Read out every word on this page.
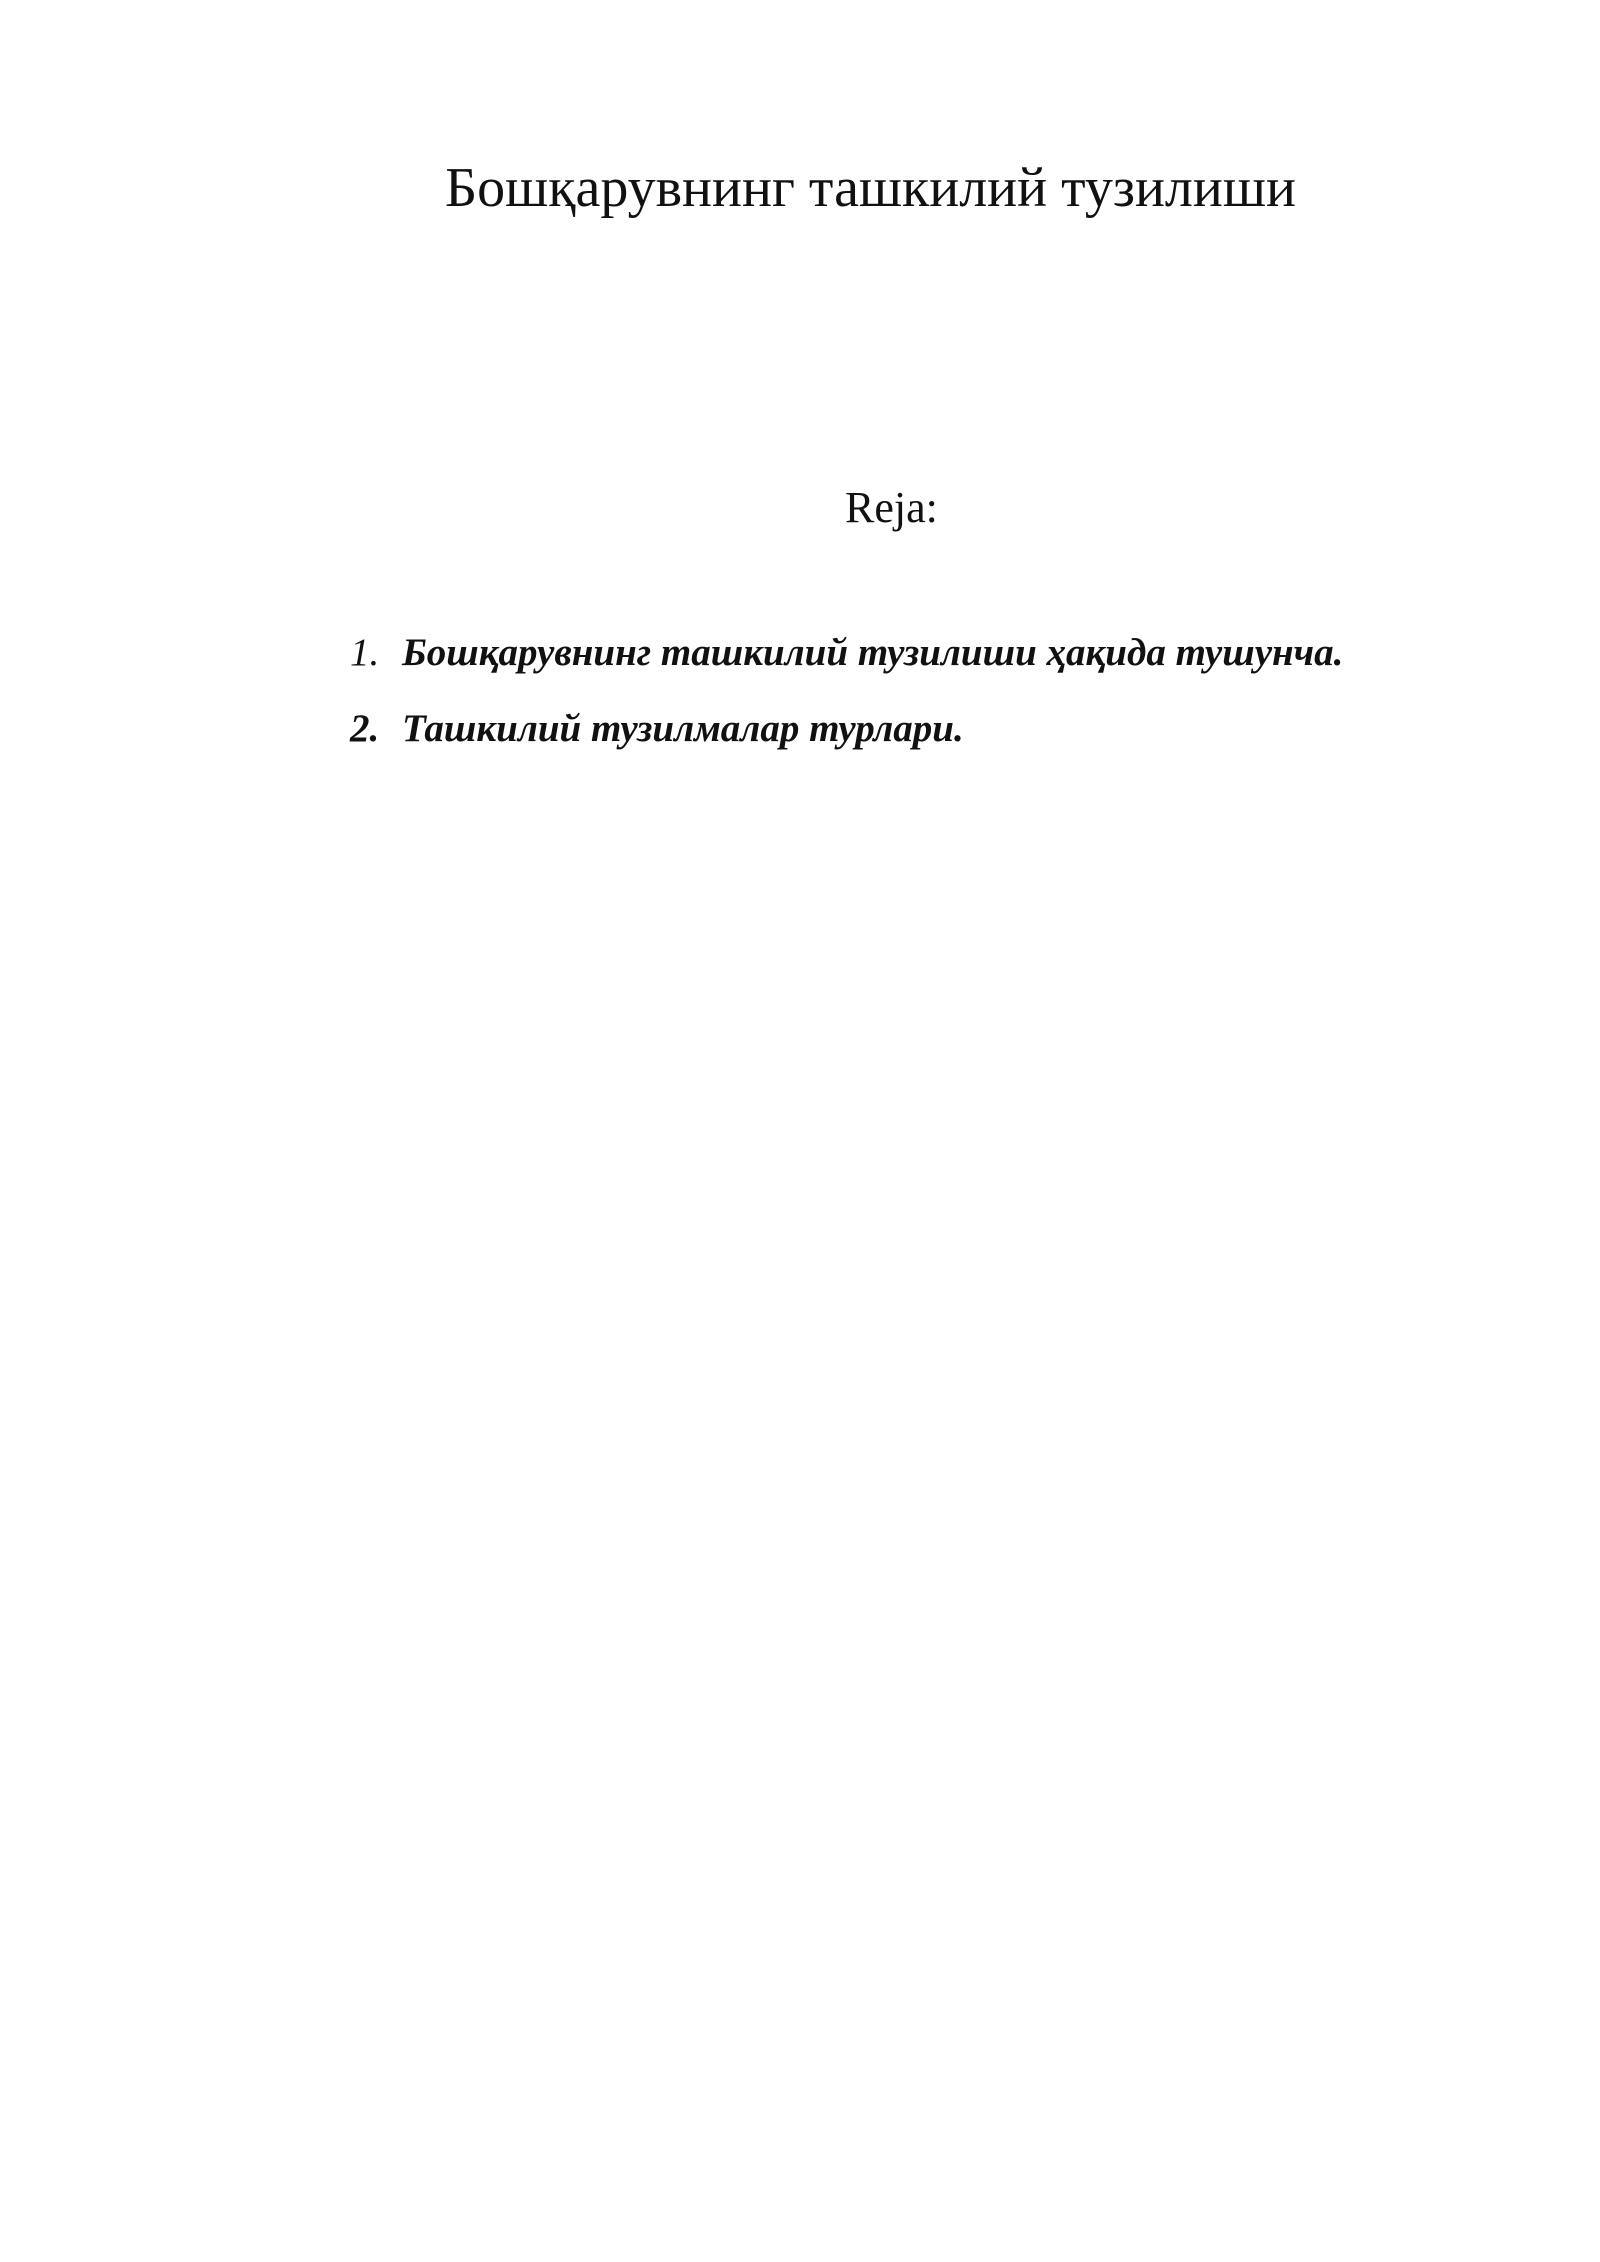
Бошқарувнинг ташкилий тузилиши
Reja:
1. Бошқарувнинг ташкилий тузилиши ҳақида тушунча.
2. Ташкилий тузилмалар турлари.
